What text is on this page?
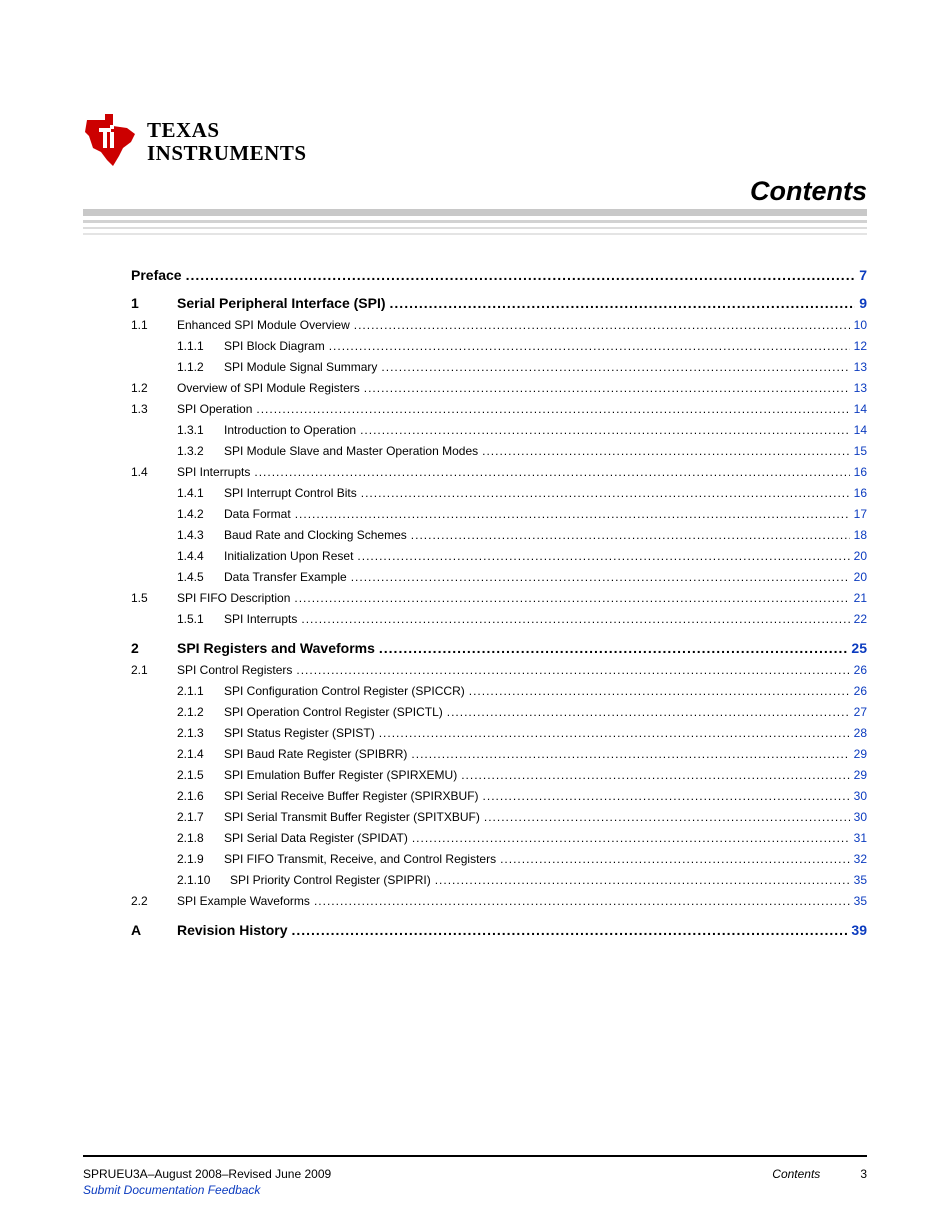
TEXAS
INSTRUMENTS
Contents
Preface .....	7
1	Serial Peripheral Interface (SPI) .....	9
1.1	Enhanced SPI Module Overview .....	10
1.1.1	SPI Block Diagram .....	12
1.1.2	SPI Module Signal Summary .....	13
1.2	Overview of SPI Module Registers .....	13
1.3	SPI Operation .....	14
1.3.1	Introduction to Operation .....	14
1.3.2	SPI Module Slave and Master Operation Modes .....	15
1.4	SPI Interrupts .....	16
1.4.1	SPI Interrupt Control Bits .....	16
1.4.2	Data Format .....	17
1.4.3	Baud Rate and Clocking Schemes .....	18
1.4.4	Initialization Upon Reset .....	20
1.4.5	Data Transfer Example .....	20
1.5	SPI FIFO Description .....	21
1.5.1	SPI Interrupts .....	22
2	SPI Registers and Waveforms .....	25
2.1	SPI Control Registers .....	26
2.1.1	SPI Configuration Control Register (SPICCR) .....	26
2.1.2	SPI Operation Control Register (SPICTL) .....	27
2.1.3	SPI Status Register (SPIST) .....	28
2.1.4	SPI Baud Rate Register (SPIBRR) .....	29
2.1.5	SPI Emulation Buffer Register (SPIRXEMU) .....	29
2.1.6	SPI Serial Receive Buffer Register (SPIRXBUF) .....	30
2.1.7	SPI Serial Transmit Buffer Register (SPITXBUF) .....	30
2.1.8	SPI Serial Data Register (SPIDAT) .....	31
2.1.9	SPI FIFO Transmit, Receive, and Control Registers .....	32
2.1.10	SPI Priority Control Register (SPIPRI) .....	35
2.2	SPI Example Waveforms .....	35
A	Revision History .....	39
SPRUEU3A–August 2008–Revised June 2009
Submit Documentation Feedback
Contents	3
